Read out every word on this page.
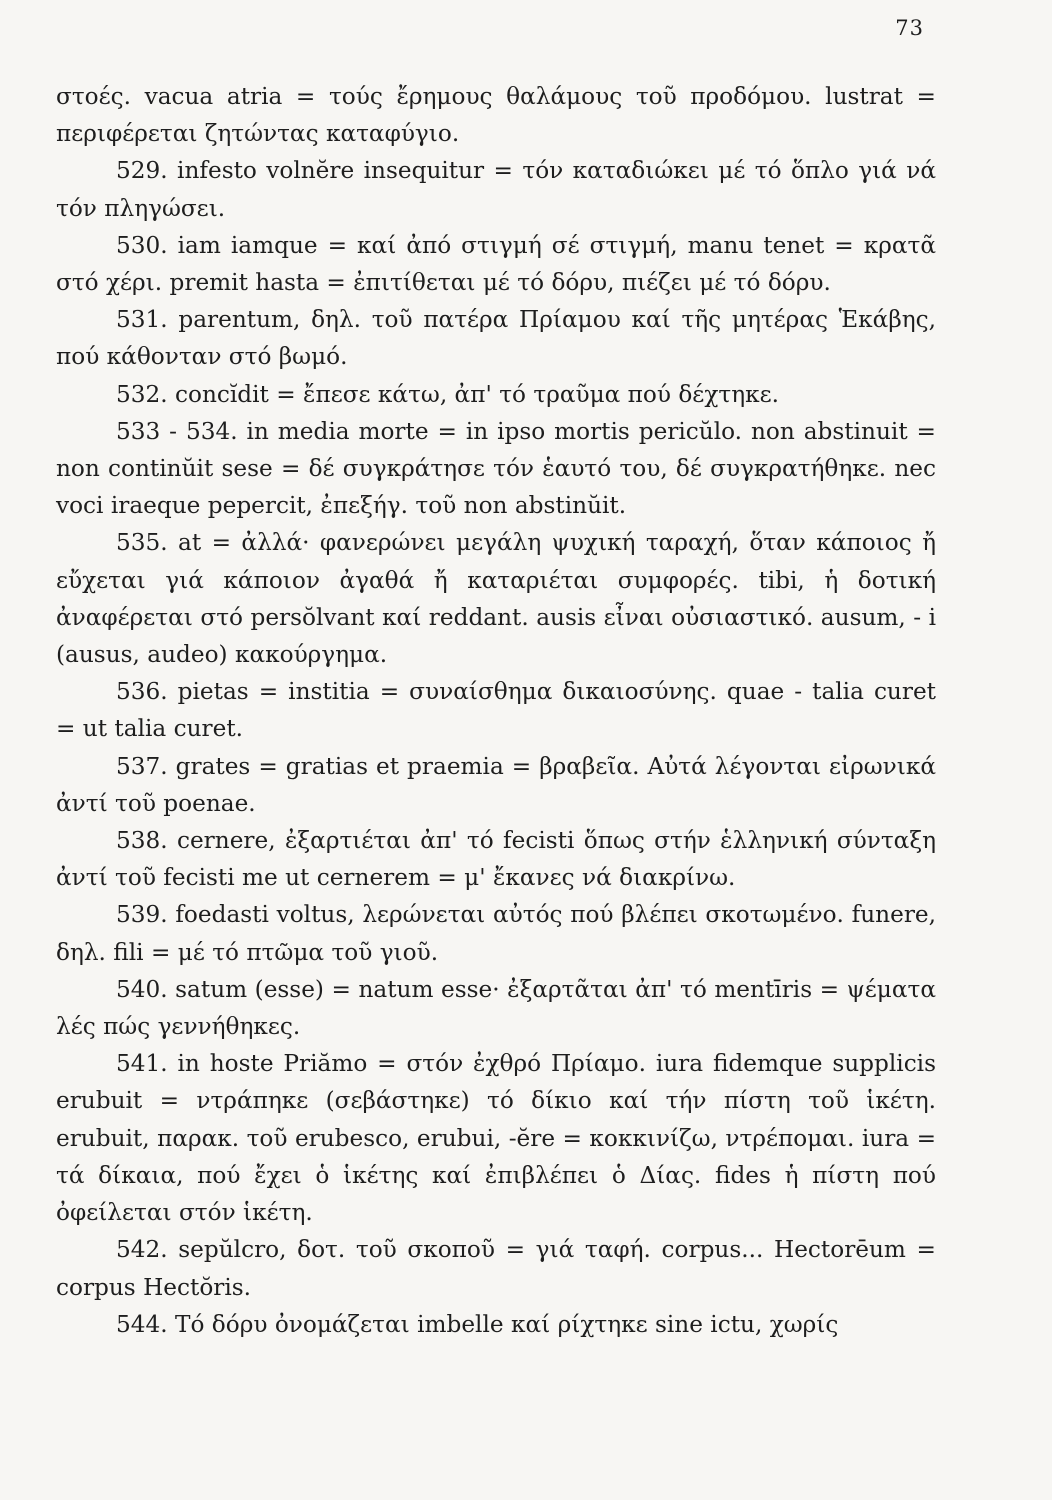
73

στοές. vacua atria = τούς ἔρημους θαλάμους τοῦ προδόμου. lustrat = περιφέρεται ζητώντας καταφύγιο.

529. infesto volnĕre insequitur = τόν καταδιώκει μέ τό ὅπλο γιά νά τόν πληγώσει.

530. iam iamque = καί ἀπό στιγμή σέ στιγμή, manu tenet = κρατᾶ στό χέρι. premit hasta = ἐπιτίθεται μέ τό δόρυ, πιέζει μέ τό δόρυ.

531. parentum, δηλ. τοῦ πατέρα Πρίαμου καί τῆς μητέρας Ἑκάβης, πού κάθονταν στό βωμό.

532. concĭdit = ἔπεσε κάτω, ἀπ' τό τραῦμα πού δέχτηκε.

533 - 534. in media morte = in ipso mortis pericŭlo. non abstinuit = non continŭit sese = δέ συγκράτησε τόν ἑαυτό του, δέ συγκρατήθηκε. nec voci iraeque pepercit, ἐπεξήγ. τοῦ non abstinŭit.

535. at = ἀλλά· φανερώνει μεγάλη ψυχική ταραχή, ὅταν κάποιος ἤ εὔχεται γιά κάποιον ἀγαθά ἤ καταριέται συμφορές. tibi, ἡ δοτική ἀναφέρεται στό persŏlvant καί reddant. ausis εἶναι οὐσιαστικό. ausum, - i (ausus, audeo) κακούργημα.

536. pietas = institia = συναίσθημα δικαιοσύνης. quae - talia curet = ut talia curet.

537. grates = gratias et praemia = βραβεῖα. Αὐτά λέγονται εἰρωνικά ἀντί τοῦ poenae.

538. cernere, ἐξαρτιέται ἀπ' τό fecisti ὅπως στήν ἑλληνική σύνταξη ἀντί τοῦ fecisti me ut cernerem = μ' ἔκανες νά διακρίνω.

539. foedasti voltus, λερώνεται αὐτός πού βλέπει σκοτωμένο. funere, δηλ. fili = μέ τό πτῶμα τοῦ γιοῦ.

540. satum (esse) = natum esse· ἐξαρτᾶται ἀπ' τό mentīris = ψέματα λές πώς γεννήθηκες.

541. in hoste Priămo = στόν ἐχθρό Πρίαμο. iura fidemque supplicis erubuit = ντράπηκε (σεβάστηκε) τό δίκιο καί τήν πίστη τοῦ ἱκέτη. erubuit, παρακ. τοῦ erubesco, erubui, -ĕre = κοκκινίζω, ντρέπομαι. iura = τά δίκαια, πού ἔχει ὁ ἱκέτης καί ἐπιβλέπει ὁ Δίας. fides ἡ πίστη πού ὀφείλεται στόν ἱκέτη.

542. sepŭlcro, δοτ. τοῦ σκοποῦ = γιά ταφή. corpus... Hectorēum = corpus Hectŏris.

544. Τό δόρυ ὀνομάζεται imbelle καί ρίχτηκε sine ictu, χωρίς
